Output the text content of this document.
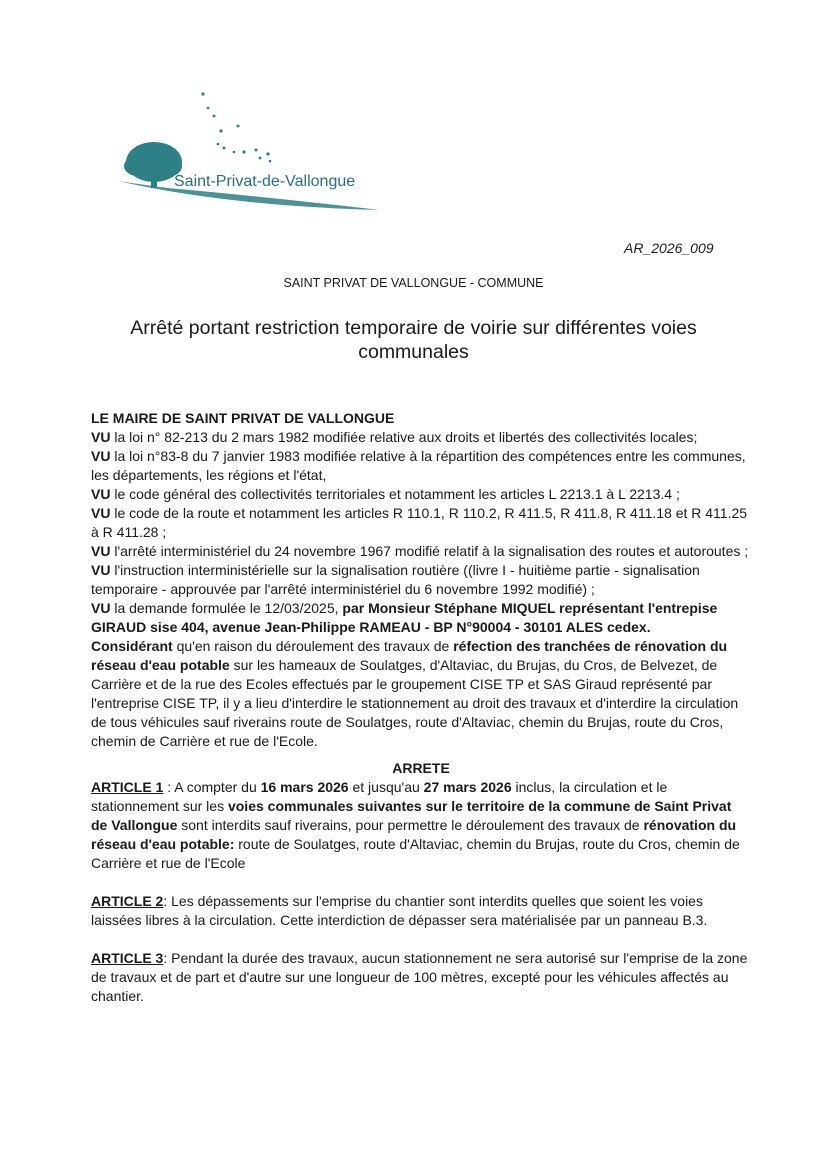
Saint-Privat-de-Vallongue
AR_2026_009
SAINT PRIVAT DE VALLONGUE - COMMUNE
Arrêté portant restriction temporaire de voirie sur différentes voies communales

LE MAIRE DE SAINT PRIVAT DE VALLONGUE

VU la loi n° 82-213 du 2 mars 1982 modifiée relative aux droits et libertés des collectivités locales;

VU la loi n°83-8 du 7 janvier 1983 modifiée relative à la répartition des compétences entre les communes, les départements, les régions et l'état,

VU le code général des collectivités territoriales et notamment les articles L 2213.1 à L 2213.4 ;

VU le code de la route et notamment les articles R 110.1, R 110.2, R 411.5, R 411.8, R 411.18 et R 411.25 à R 411.28 ;

VU l'arrêté interministériel du 24 novembre 1967 modifié relatif à la signalisation des routes et autoroutes ;

VU l'instruction interministérielle sur la signalisation routière ((livre I - huitième partie - signalisation temporaire - approuvée par l'arrêté interministériel du 6 novembre 1992 modifié) ;

VU la demande formulée le 12/03/2025, par Monsieur Stéphane MIQUEL représentant l'entrepise GIRAUD sise 404, avenue Jean-Philippe RAMEAU - BP N°90004 - 30101 ALES cedex.

Considérant qu'en raison du déroulement des travaux de réfection des tranchées de rénovation du réseau d'eau potable sur les hameaux de Soulatges, d'Altaviac, du Brujas, du Cros, de Belvezet, de Carrière et de la rue des Ecoles effectués par le groupement CISE TP et SAS Giraud représenté par l'entreprise CISE TP, il y a lieu d'interdire le stationnement au droit des travaux et d'interdire la circulation de tous véhicules sauf riverains route de Soulatges, route d'Altaviac, chemin du Brujas, route du Cros, chemin de Carrière et rue de l'Ecole.

ARRETE

ARTICLE 1 : A compter du 16 mars 2026 et jusqu'au 27 mars 2026 inclus, la circulation et le stationnement sur les voies communales suivantes sur le territoire de la commune de Saint Privat de Vallongue sont interdits sauf riverains, pour permettre le déroulement des travaux de rénovation du réseau d'eau potable: route de Soulatges, route d'Altaviac, chemin du Brujas, route du Cros, chemin de Carrière et rue de l'Ecole

ARTICLE 2: Les dépassements sur l'emprise du chantier sont interdits quelles que soient les voies laissées libres à la circulation. Cette interdiction de dépasser sera matérialisée par un panneau B.3.

ARTICLE 3: Pendant la durée des travaux, aucun stationnement ne sera autorisé sur l'emprise de la zone de travaux et de part et d'autre sur une longueur de 100 mètres, excepté pour les véhicules affectés au chantier.
